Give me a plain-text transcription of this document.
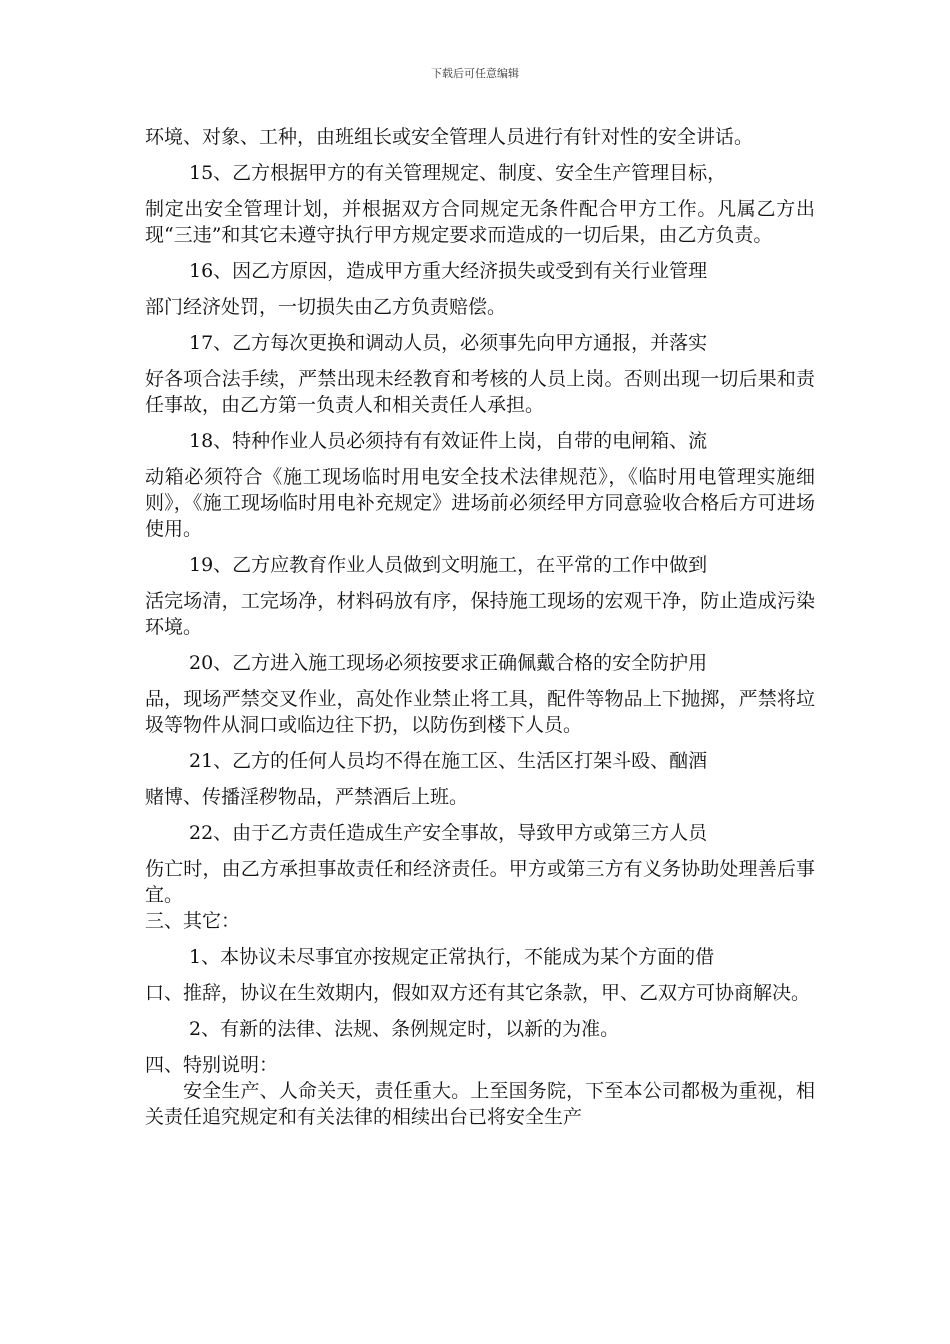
下载后可任意编辑

环境、对象、工种，由班组长或安全管理人员进行有针对性的安全讲话。

15、乙方根据甲方的有关管理规定、制度、安全生产管理目标，

制定出安全管理计划，并根据双方合同规定无条件配合甲方工作。凡属乙方出现“三违”和其它未遵守执行甲方规定要求而造成的一切后果，由乙方负责。

16、因乙方原因，造成甲方重大经济损失或受到有关行业管理

部门经济处罚，一切损失由乙方负责赔偿。

17、乙方每次更换和调动人员，必须事先向甲方通报，并落实

好各项合法手续，严禁出现未经教育和考核的人员上岗。否则出现一切后果和责任事故，由乙方第一负责人和相关责任人承担。

18、特种作业人员必须持有有效证件上岗，自带的电闸箱、流

动箱必须符合《施工现场临时用电安全技术法律规范》，《临时用电管理实施细则》，《施工现场临时用电补充规定》进场前必须经甲方同意验收合格后方可进场使用。

19、乙方应教育作业人员做到文明施工，在平常的工作中做到

活完场清，工完场净，材料码放有序，保持施工现场的宏观干净，防止造成污染环境。

20、乙方进入施工现场必须按要求正确佩戴合格的安全防护用

品，现场严禁交叉作业，高处作业禁止将工具，配件等物品上下抛掷，严禁将垃圾等物件从洞口或临边往下扔，以防伤到楼下人员。

21、乙方的任何人员均不得在施工区、生活区打架斗殴、酗酒

赌博、传播淫秽物品，严禁酒后上班。

22、由于乙方责任造成生产安全事故，导致甲方或第三方人员

伤亡时，由乙方承担事故责任和经济责任。甲方或第三方有义务协助处理善后事宜。

三、其它：

1、本协议未尽事宜亦按规定正常执行，不能成为某个方面的借

口、推辞，协议在生效期内，假如双方还有其它条款，甲、乙双方可协商解决。

2、有新的法律、法规、条例规定时，以新的为准。

四、特别说明：

安全生产、人命关天，责任重大。上至国务院，下至本公司都极为重视，相关责任追究规定和有关法律的相续出台已将安全生产
